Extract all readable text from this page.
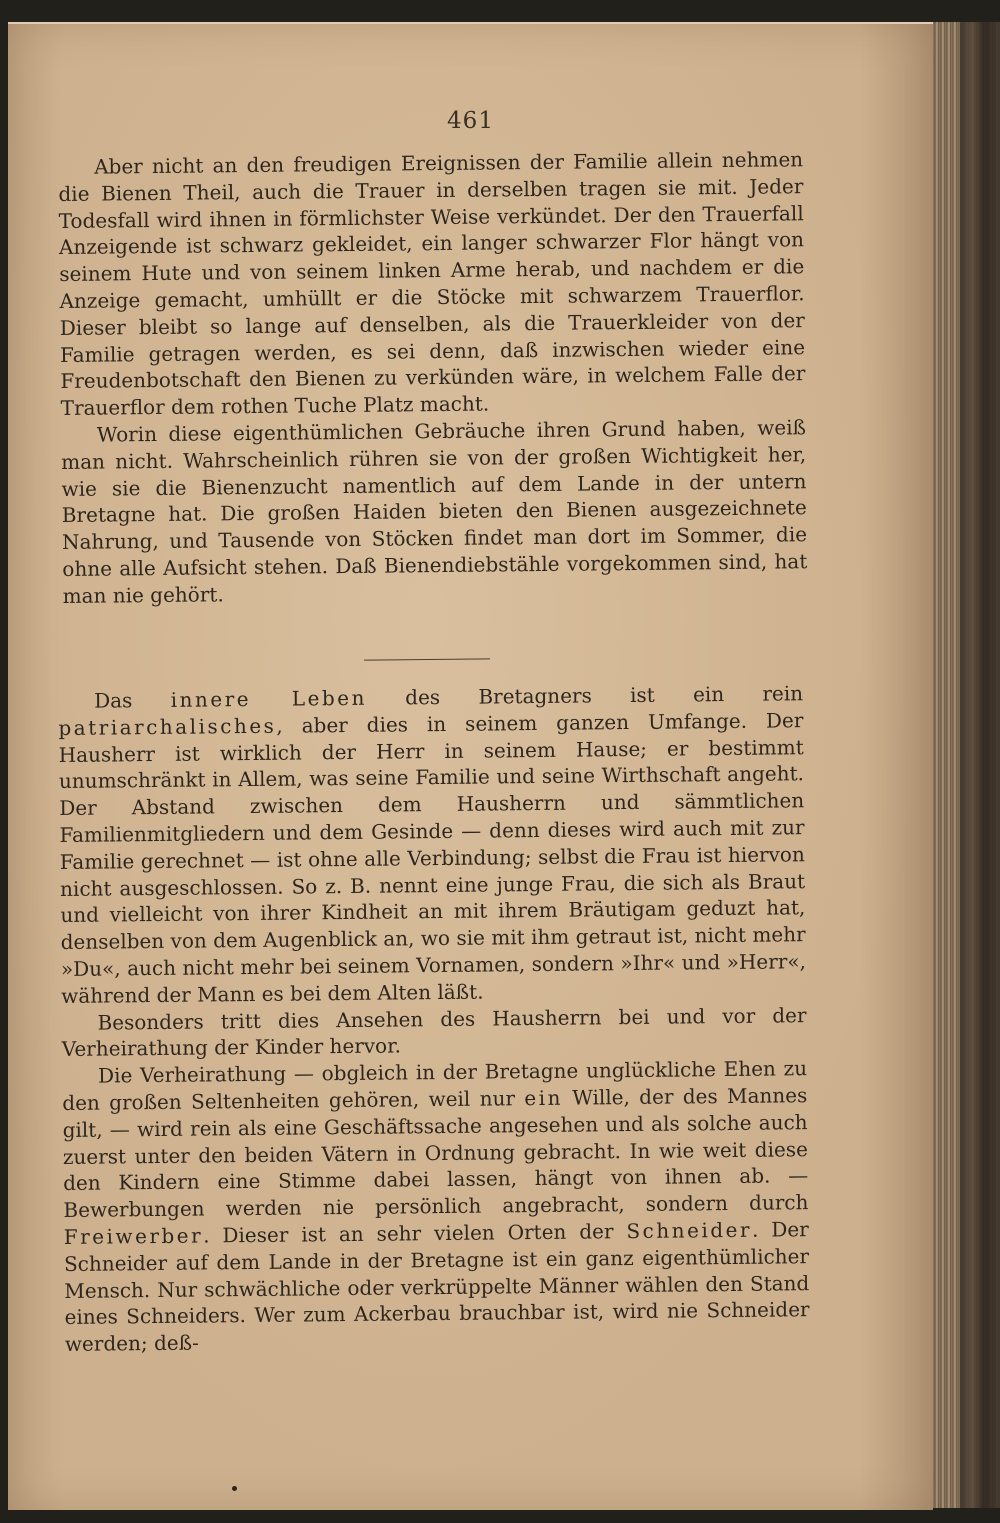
461

Aber nicht an den freudigen Ereignissen der Familie allein nehmen die Bienen Theil, auch die Trauer in derselben tragen sie mit. Jeder Todesfall wird ihnen in förmlichster Weise verkündet. Der den Trauerfall Anzeigende ist schwarz gekleidet, ein langer schwarzer Flor hängt von seinem Hute und von seinem linken Arme herab, und nachdem er die Anzeige gemacht, umhüllt er die Stöcke mit schwarzem Trauerflor. Dieser bleibt so lange auf denselben, als die Trauerkleider von der Familie getragen werden, es sei denn, daß inzwischen wieder eine Freudenbotschaft den Bienen zu verkünden wäre, in welchem Falle der Trauerflor dem rothen Tuche Platz macht.

Worin diese eigenthümlichen Gebräuche ihren Grund haben, weiß man nicht. Wahrscheinlich rühren sie von der großen Wichtigkeit her, wie sie die Bienenzucht namentlich auf dem Lande in der untern Bretagne hat. Die großen Haiden bieten den Bienen ausgezeichnete Nahrung, und Tausende von Stöcken findet man dort im Sommer, die ohne alle Aufsicht stehen. Daß Bienendiebstähle vorgekommen sind, hat man nie gehört.

Das innere Leben des Bretagners ist ein rein patriarchalisches, aber dies in seinem ganzen Umfange. Der Hausherr ist wirklich der Herr in seinem Hause; er bestimmt unumschränkt in Allem, was seine Familie und seine Wirthschaft angeht. Der Abstand zwischen dem Hausherrn und sämmtlichen Familienmitgliedern und dem Gesinde — denn dieses wird auch mit zur Familie gerechnet — ist ohne alle Verbindung; selbst die Frau ist hiervon nicht ausgeschlossen. So z. B. nennt eine junge Frau, die sich als Braut und vielleicht von ihrer Kindheit an mit ihrem Bräutigam geduzt hat, denselben von dem Augenblick an, wo sie mit ihm getraut ist, nicht mehr »Du«, auch nicht mehr bei seinem Vornamen, sondern »Ihr« und »Herr«, während der Mann es bei dem Alten läßt.

Besonders tritt dies Ansehen des Hausherrn bei und vor der Verheirathung der Kinder hervor.

Die Verheirathung — obgleich in der Bretagne unglückliche Ehen zu den großen Seltenheiten gehören, weil nur ein Wille, der des Mannes gilt, — wird rein als eine Geschäftssache angesehen und als solche auch zuerst unter den beiden Vätern in Ordnung gebracht. In wie weit diese den Kindern eine Stimme dabei lassen, hängt von ihnen ab. — Bewerbungen werden nie persönlich angebracht, sondern durch Freiwerber. Dieser ist an sehr vielen Orten der Schneider. Der Schneider auf dem Lande in der Bretagne ist ein ganz eigenthümlicher Mensch. Nur schwächliche oder verkrüppelte Männer wählen den Stand eines Schneiders. Wer zum Ackerbau brauchbar ist, wird nie Schneider werden; deß-
